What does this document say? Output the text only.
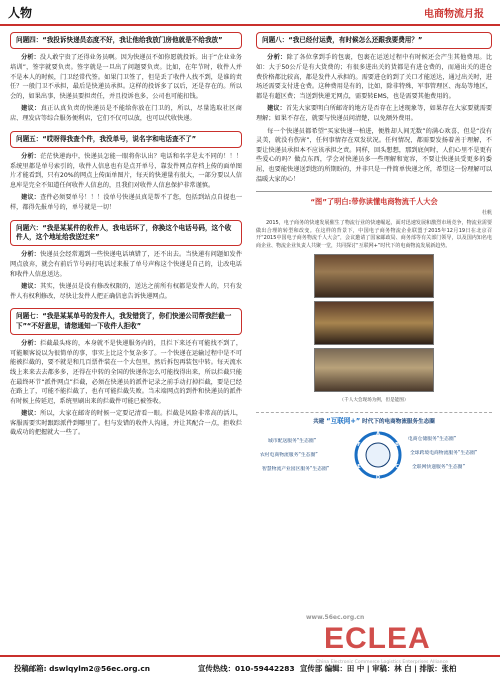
人物	电商物流月报
问题四：“我投诉快递员态度不好，我让他给我放门房他就是不给我放”
分析：没人敢宁贵了还得业务员啊。因为快递员不如你愿就投诉。出于“企业业务培训”，签字就要负责。签字就是一旦出了问题要负责。比如，在年节时，收件人并不是本人的时候，门卫经常代签。如果门卫签了，但是丢了收件人找不到，是谁的责任？一般门卫不承担，最后是快递员承担。这样的投诉多了以后，还是存在的。所以会的，如果出事，快递员要担责任，并且投诉也多，公司也可能扣钱。
建议：真正认真负责的快递员是不能给你放在门卫的，所以，尽量选取社区商店、理发店等综合服务便利店，它们不仅可以放，也可以代收快递。
问题五：“哎呀得我查个件，我没单号，说名字和电话查不了”
分析：茫茫快递海中，快递员怎能一眼将你认出？电话和名字是太不同的！！！系统里都是单号索引的，收件人信息也有是点开单号，靠发件网点存档上传的面单图片才能看到，只有20%的网点上传面单图片，每天的快递量有很大，一部分要以人信息库是完全不知道任何收件人信息的，且我们对收件人信息保护非常谨慎。
建议：查件必须要单号！！！没单号快递员真是帮不了您，包括到站点自提也一样，都得先报单号的，单号就是一切！
问题六：“我是某某件的收件人，我电话坏了，你换这个电话号码，这个收件人，这个地址给我送过来”
分析：快递员会经常遇到一些快递电话填错了，还不出去。当快递有问题如发件网点放弃，就会有前后节号码打电话过来报了单号声称这个快递是自己的，让改电话和收件人信息送达。
建议：其实，快递员是没有修改权限的，送达之前所有权都是发件人的，只有发件人有权利修改，尽快让发件人把正确信息告诉快递网点。
问题七：“我是某某单号的发件人，我发错货了，你们快递公司帮我拦截一下”“不好意思，请您通知一下收件人拒收”
分析：拦截最头疼的，本身就不是快递服务内的，且拦下来还有可能找不到了，可能顺客说以为很简单的事，事实上比这个复杂多了。一个快递在运输过程中是不可能被拦截的，要不就是和几百票件装在一个大包里，然后拆包再装包中转。每天流水线上来来去去都多多，还得在中转的全国的快递你怎么可能找得出来，所以拦截只能在最终环节“派件网点”拦截，必须在快递员的派件记录之前手动打掉拦截，要是已经在路上了，可能不能拦截了，也有可能拦截失败。当末端网点的到件和快递员的派件有时候上传延迟，系统里刷出来的拦截件可能已被签收。
建议：所以，大家在邮寄的时候一定要记清看一眼。拦截是风险非常高的活儿，客服需要实时跟踪派件到哪里了。但与发错的收件人沟通，并让其配合一点，拒收拦截成功的把握就大一些了。
问题八：“我已经付运费，有时候怎么还跟我要费用？”
分析：除了各位拿到手的包裹，包裹在运送过程中有时候还会产生其他费用。比如：大于50公斤是有大货费的；有很多进出关的货都是有进仓费的，而通出关的进仓费价格都比较高，都是发件人承担的。需要进仓的到了关口才能送达，通过出关时，进场还需要支付进仓费。这种费用是有的，比如，除非特殊，军事管理区、海岛等地区，都是有超区费；当送到快递无网点，需要转EMS，也是需要其他费用的。
建议：首先大家要明白所邮寄的地方是否存在上述现象等，如果存在大家要就需要理解；如果不存在，就要与快递员问清楚，以免额外费用。
每一个快递员都希望“买家快递一柏进，便胜却人间无数”的满心欢喜，但是“没有灵美，就没有伤害”，任何事情存在双发状况。任何情况，都需要发扬着善于理解，不要让快递员承担本不应该承担之责。同样，回头想想，那到底何时，人们心里不是更有些爱心的吗？做点东西，学会对快递员多一些理解和宽容，不要让快递员受更多的委屈，也要能快递送到您的所期盼的，并非只是一件简单快递之所，希望这一份理解可以温暖大家的心！
“图”了明白:带你读懂电商物流千人大会
杜帆
2015，电子商务的快速发展催生了物流行业的快速崛起，面对迅速发展和激烈市场竞争，物流业需要做出合理的转型和改变。在这样的背景下，中国电子商务物流企业联盟于2015年12月19日在北京召开“2015中国电子商务物流千人大会”，会议邀请了国家邮政局、商务部等有关部门领导，以及国内知名电商企业、物流企业负责人共聚一堂，共同探讨“互联网+”时代下的电商物流发展新趋势。
（千人大会现场为例，但是能图）
共建 “互联网+” 时代下的电商物流服务生态圈
城市配送服务“生态圈”
农村电商物流服务“生态圈”
智慧物流产业园区服务“生态圈”
电商仓储服务“生态圈”
全球跨境电商物流服务“生态圈”
全联网快递服务“生态圈”
A
B
C
D
E
F
www.56ec.org.cn
ECLEA
China Electronic Commerce Logistics Enterprises Alliance
投稿邮箱: dswlqylm2@56ec.org.cn	宣传热线：010-59442283 宣传部 编辑：田 中 | 审稿：林 白 | 排版：张柏
